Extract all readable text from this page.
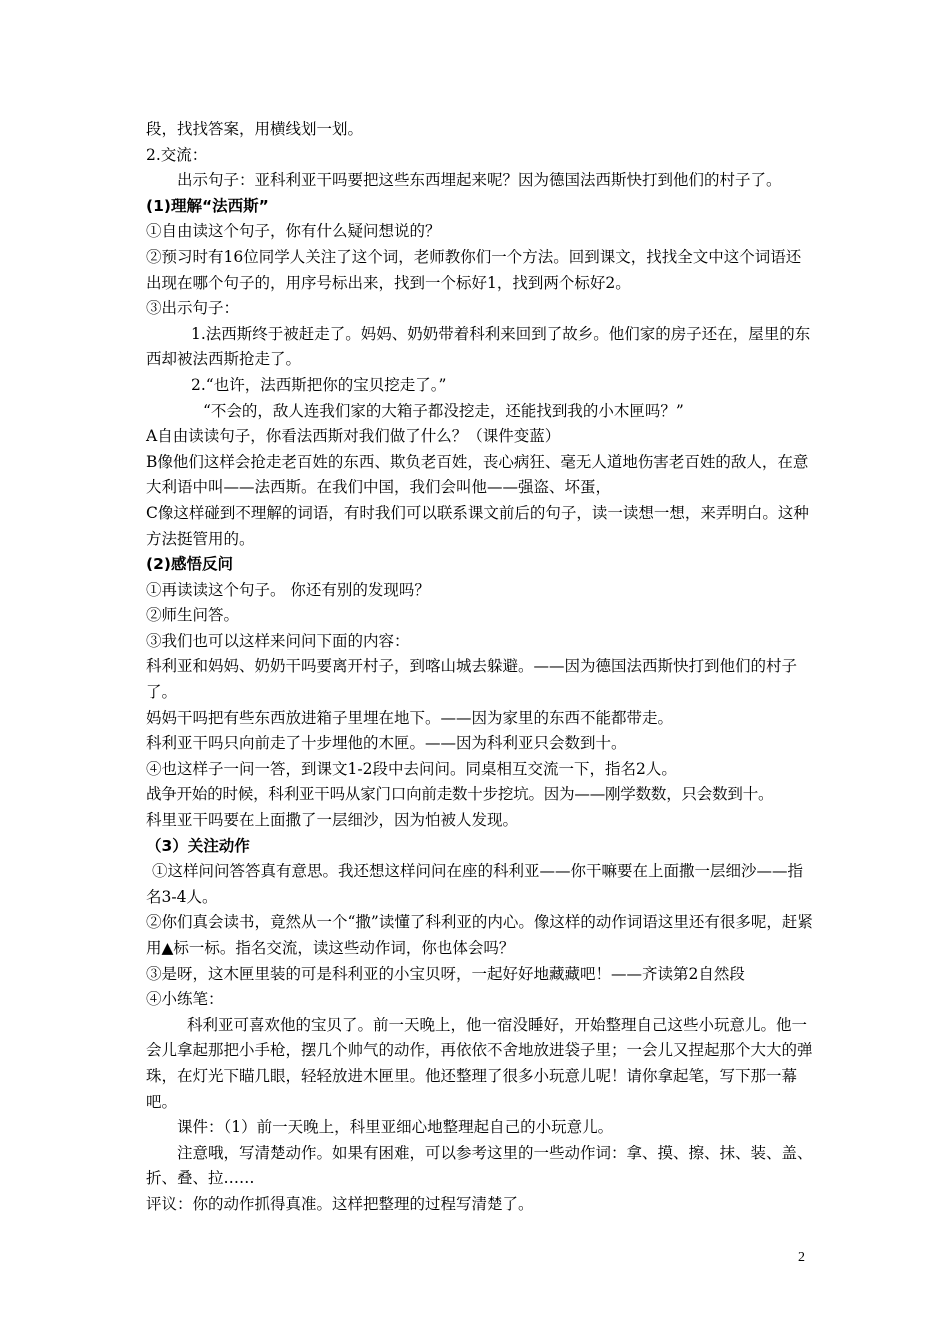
段，找找答案，用横线划一划。

2.交流：

出示句子：亚科利亚干吗要把这些东西埋起来呢？因为德国法西斯快打到他们的村子了。

(1)理解“法西斯”

①自由读这个句子，你有什么疑问想说的？

②预习时有16位同学人关注了这个词，老师教你们一个方法。回到课文，找找全文中这个词语还出现在哪个句子的，用序号标出来，找到一个标好1，找到两个标好2。

③出示句子：

1.法西斯终于被赶走了。妈妈、奶奶带着科利来回到了故乡。他们家的房子还在，屋里的东西却被法西斯抢走了。

2.“也许，法西斯把你的宝贝挖走了。”

“不会的，敌人连我们家的大箱子都没挖走，还能找到我的小木匣吗？”

A自由读读句子，你看法西斯对我们做了什么？（课件变蓝）

B像他们这样会抢走老百姓的东西、欺负老百姓，丧心病狂、毫无人道地伤害老百姓的敌人，在意大利语中叫——法西斯。在我们中国，我们会叫他——强盗、坏蛋，

C像这样碰到不理解的词语，有时我们可以联系课文前后的句子，读一读想一想，来弄明白。这种方法挺管用的。

(2)感悟反问

①再读读这个句子。 你还有别的发现吗？

②师生问答。

③我们也可以这样来问问下面的内容：

科利亚和妈妈、奶奶干吗要离开村子，到喀山城去躲避。——因为德国法西斯快打到他们的村子了。

妈妈干吗把有些东西放进箱子里埋在地下。——因为家里的东西不能都带走。

科利亚干吗只向前走了十步埋他的木匣。——因为科利亚只会数到十。

④也这样子一问一答，到课文1-2段中去问问。同桌相互交流一下，指名2人。

战争开始的时候，科利亚干吗从家门口向前走数十步挖坑。因为——刚学数数，只会数到十。

科里亚干吗要在上面撒了一层细沙，因为怕被人发现。

（3）关注动作

①这样问问答答真有意思。我还想这样问问在座的科利亚——你干嘛要在上面撒一层细沙——指名3-4人。

②你们真会读书，竟然从一个“撒”读懂了科利亚的内心。像这样的动作词语这里还有很多呢，赶紧用▲标一标。指名交流，读这些动作词，你也体会吗？

③是呀，这木匣里装的可是科利亚的小宝贝呀，一起好好地藏藏吧！——齐读第2自然段

④小练笔：

科利亚可喜欢他的宝贝了。前一天晚上，他一宿没睡好，开始整理自己这些小玩意儿。他一会儿拿起那把小手枪，摆几个帅气的动作，再依依不舍地放进袋子里；一会儿又捏起那个大大的弹珠，在灯光下瞄几眼，轻轻放进木匣里。他还整理了很多小玩意儿呢！请你拿起笔，写下那一幕吧。

课件：（1）前一天晚上，科里亚细心地整理起自己的小玩意儿。

注意哦，写清楚动作。如果有困难，可以参考这里的一些动作词：拿、摸、擦、抹、装、盖、折、叠、拉……

评议：你的动作抓得真准。这样把整理的过程写清楚了。

2
